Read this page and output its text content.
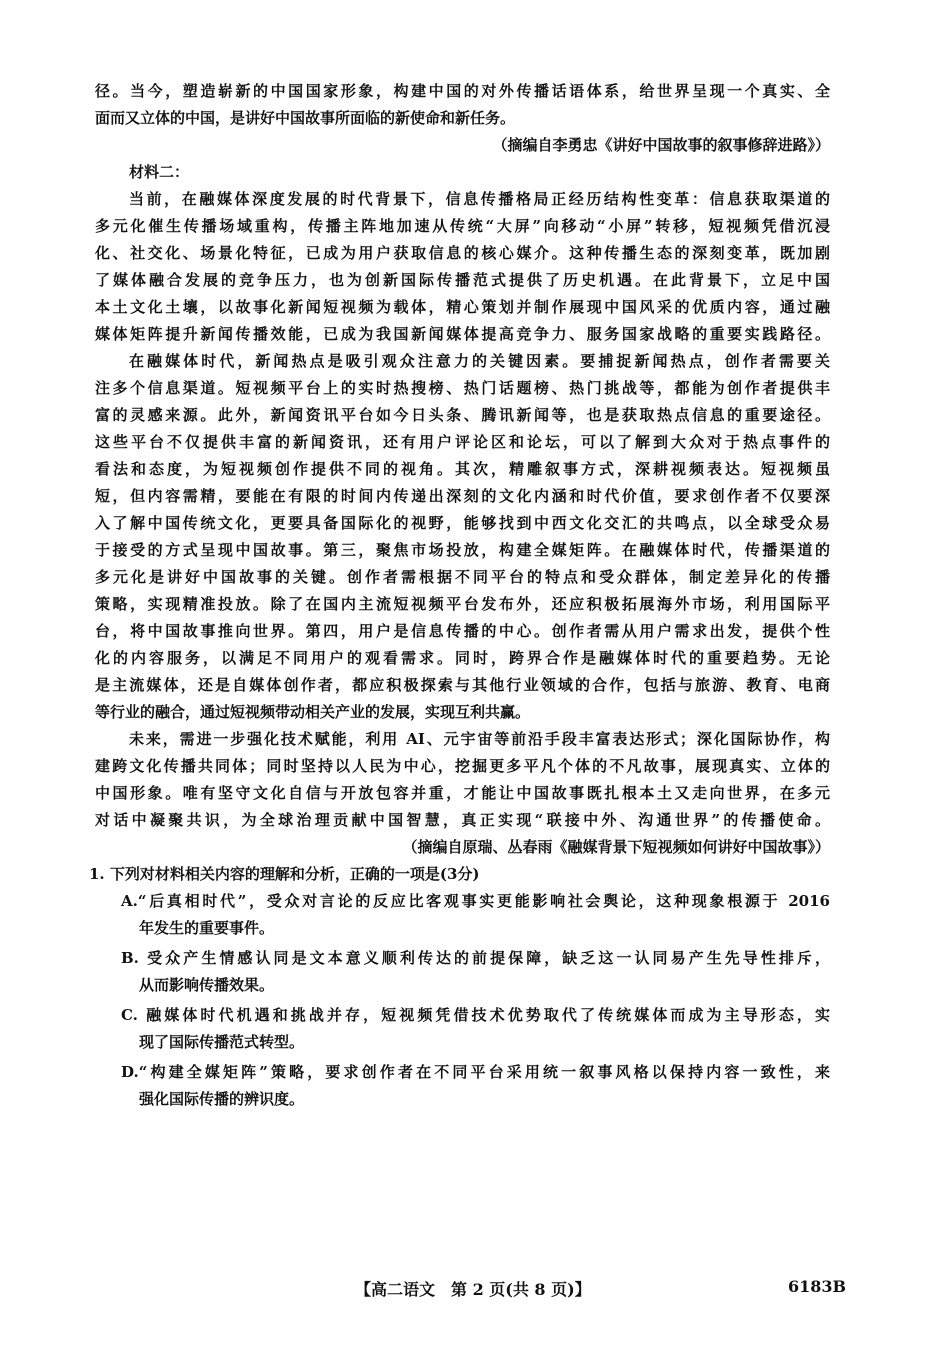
径。当今，塑造崭新的中国国家形象，构建中国的对外传播话语体系，给世界呈现一个真实、全
面而又立体的中国，是讲好中国故事所面临的新使命和新任务。
（摘编自李勇忠《讲好中国故事的叙事修辞进路》）
材料二：
当前，在融媒体深度发展的时代背景下，信息传播格局正经历结构性变革：信息获取渠道的
多元化催生传播场域重构，传播主阵地加速从传统“大屏”向移动“小屏”转移，短视频凭借沉浸
化、社交化、场景化特征，已成为用户获取信息的核心媒介。这种传播生态的深刻变革，既加剧
了媒体融合发展的竞争压力，也为创新国际传播范式提供了历史机遇。在此背景下，立足中国
本土文化土壤，以故事化新闻短视频为载体，精心策划并制作展现中国风采的优质内容，通过融
媒体矩阵提升新闻传播效能，已成为我国新闻媒体提高竞争力、服务国家战略的重要实践路径。
在融媒体时代，新闻热点是吸引观众注意力的关键因素。要捕捉新闻热点，创作者需要关
注多个信息渠道。短视频平台上的实时热搜榜、热门话题榜、热门挑战等，都能为创作者提供丰
富的灵感来源。此外，新闻资讯平台如今日头条、腾讯新闻等，也是获取热点信息的重要途径。
这些平台不仅提供丰富的新闻资讯，还有用户评论区和论坛，可以了解到大众对于热点事件的
看法和态度，为短视频创作提供不同的视角。其次，精雕叙事方式，深耕视频表达。短视频虽
短，但内容需精，要能在有限的时间内传递出深刻的文化内涵和时代价值，要求创作者不仅要深
入了解中国传统文化，更要具备国际化的视野，能够找到中西文化交汇的共鸣点，以全球受众易
于接受的方式呈现中国故事。第三，聚焦市场投放，构建全媒矩阵。在融媒体时代，传播渠道的
多元化是讲好中国故事的关键。创作者需根据不同平台的特点和受众群体，制定差异化的传播
策略，实现精准投放。除了在国内主流短视频平台发布外，还应积极拓展海外市场，利用国际平
台，将中国故事推向世界。第四，用户是信息传播的中心。创作者需从用户需求出发，提供个性
化的内容服务，以满足不同用户的观看需求。同时，跨界合作是融媒体时代的重要趋势。无论
是主流媒体，还是自媒体创作者，都应积极探索与其他行业领域的合作，包括与旅游、教育、电商
等行业的融合，通过短视频带动相关产业的发展，实现互利共赢。
未来，需进一步强化技术赋能，利用 AI、元宇宙等前沿手段丰富表达形式；深化国际协作，构
建跨文化传播共同体；同时坚持以人民为中心，挖掘更多平凡个体的不凡故事，展现真实、立体的
中国形象。唯有坚守文化自信与开放包容并重，才能让中国故事既扎根本土又走向世界，在多元
对话中凝聚共识，为全球治理贡献中国智慧，真正实现“联接中外、沟通世界”的传播使命。
（摘编自原瑞、丛春雨《融媒背景下短视频如何讲好中国故事》）
1. 下列对材料相关内容的理解和分析，正确的一项是(3分)
A.“后真相时代”，受众对言论的反应比客观事实更能影响社会舆论，这种现象根源于 2016
年发生的重要事件。
B. 受众产生情感认同是文本意义顺利传达的前提保障，缺乏这一认同易产生先导性排斥，
从而影响传播效果。
C. 融媒体时代机遇和挑战并存，短视频凭借技术优势取代了传统媒体而成为主导形态，实
现了国际传播范式转型。
D.“构建全媒矩阵”策略，要求创作者在不同平台采用统一叙事风格以保持内容一致性，来
强化国际传播的辨识度。
【高二语文　第 2 页(共 8 页)】	6183B
